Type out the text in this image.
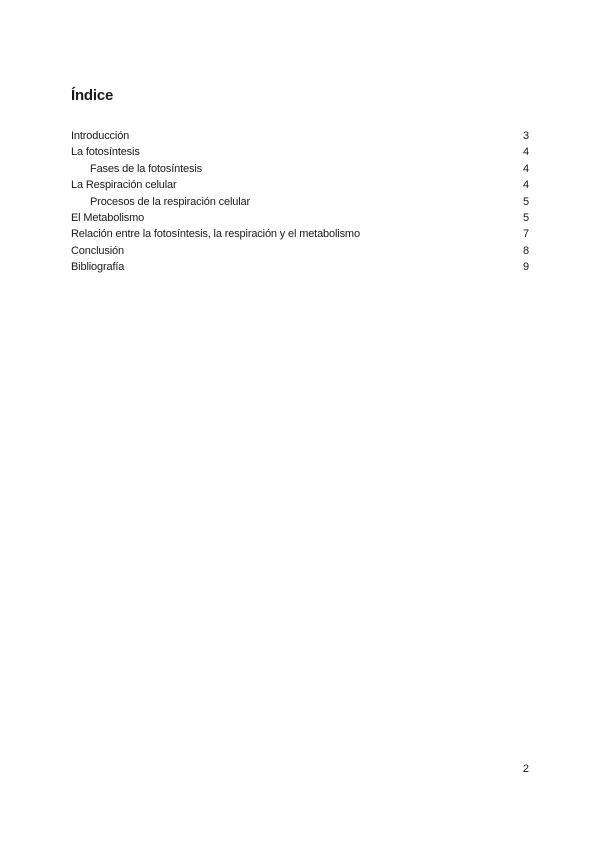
Índice
Introducción	3
La fotosíntesis	4
Fases de la fotosíntesis	4
La Respiración celular	4
Procesos de la respiración celular	5
El Metabolismo	5
Relación entre la fotosíntesis, la respiración y el metabolismo	7
Conclusión	8
Bibliografía	9
2
